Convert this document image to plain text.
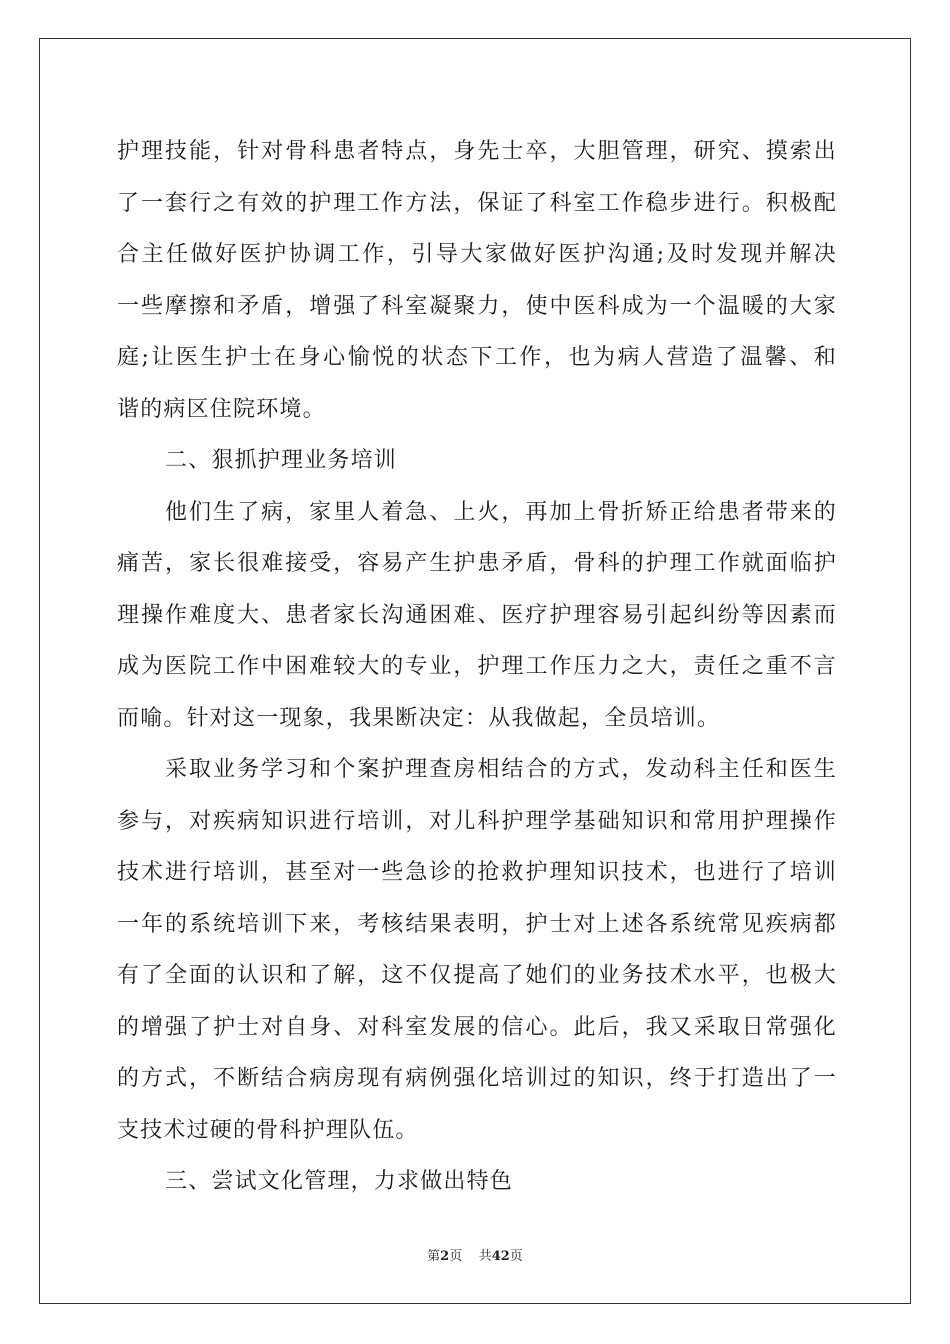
护理技能，针对骨科患者特点，身先士卒，大胆管理，研究、摸索出
了一套行之有效的护理工作方法，保证了科室工作稳步进行。积极配
合主任做好医护协调工作，引导大家做好医护沟通;及时发现并解决
一些摩擦和矛盾，增强了科室凝聚力，使中医科成为一个温暖的大家
庭;让医生护士在身心愉悦的状态下工作，也为病人营造了温馨、和
谐的病区住院环境。
二、狠抓护理业务培训
他们生了病，家里人着急、上火，再加上骨折矫正给患者带来的
痛苦，家长很难接受，容易产生护患矛盾，骨科的护理工作就面临护
理操作难度大、患者家长沟通困难、医疗护理容易引起纠纷等因素而
成为医院工作中困难较大的专业，护理工作压力之大，责任之重不言
而喻。针对这一现象，我果断决定：从我做起，全员培训。
采取业务学习和个案护理查房相结合的方式，发动科主任和医生
参与，对疾病知识进行培训，对儿科护理学基础知识和常用护理操作
技术进行培训，甚至对一些急诊的抢救护理知识技术，也进行了培训
一年的系统培训下来，考核结果表明，护士对上述各系统常见疾病都
有了全面的认识和了解，这不仅提高了她们的业务技术水平，也极大
的增强了护士对自身、对科室发展的信心。此后，我又采取日常强化
的方式，不断结合病房现有病例强化培训过的知识，终于打造出了一
支技术过硬的骨科护理队伍。
三、尝试文化管理，力求做出特色
第2页 共42页
